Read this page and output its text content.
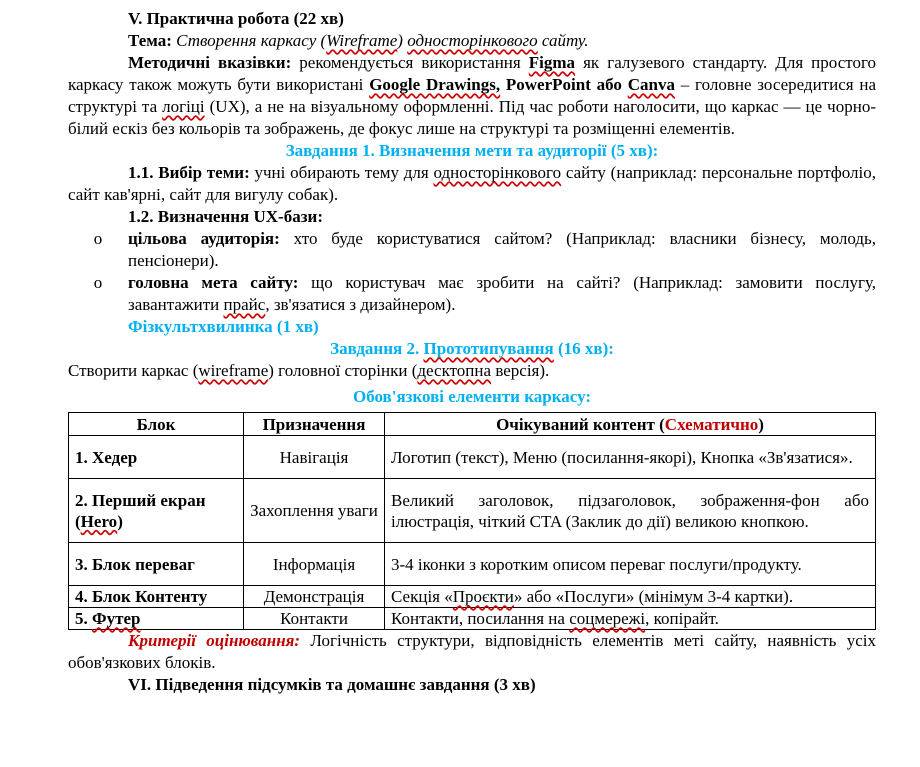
V. Практична робота (22 хв)

Тема: Створення каркасу (Wireframe) односторінкового сайту.

Методичні вказівки: рекомендується використання Figma як галузевого стандарту. Для простого каркасу також можуть бути використані Google Drawings, PowerPoint або Canva – головне зосередитися на структурі та логіці (UX), а не на візуальному оформленні. Під час роботи наголосити, що каркас — це чорно-білий ескіз без кольорів та зображень, де фокус лише на структурі та розміщенні елементів.

Завдання 1. Визначення мети та аудиторії (5 хв):

1.1. Вибір теми: учні обирають тему для односторінкового сайту (наприклад: персональне портфоліо, сайт кав'ярні, сайт для вигулу собак).

1.2. Визначення UX-бази:

o	цільова аудиторія: хто буде користуватися сайтом? (Наприклад: власники бізнесу, молодь, пенсіонери).
o	головна мета сайту: що користувач має зробити на сайті? (Наприклад: замовити послугу, завантажити прайс, зв'язатися з дизайнером).

Фізкультхвилинка (1 хв)

Завдання 2. Прототипування (16 хв):

Створити каркас (wireframe) головної сторінки (десктопна версія).

Обов'язкові елементи каркасу:

Блок	Призначення	Очікуваний контент (Схематично)
1. Хедер	Навігація	Логотип (текст), Меню (посилання-якорі), Кнопка «Зв'язатися».
2. Перший екран (Hero)	Захоплення уваги	Великий заголовок, підзаголовок, зображення-фон або ілюстрація, чіткий CTA (Заклик до дії) великою кнопкою.
3. Блок переваг	Інформація	3-4 іконки з коротким описом переваг послуги/продукту.
4. Блок Контенту	Демонстрація	Секція «Проєкти» або «Послуги» (мінімум 3-4 картки).
5. Футер	Контакти	Контакти, посилання на соцмережі, копірайт.

Критерії оцінювання: Логічність структури, відповідність елементів меті сайту, наявність усіх обов'язкових блоків.

VI. Підведення підсумків та домашнє завдання (3 хв)
